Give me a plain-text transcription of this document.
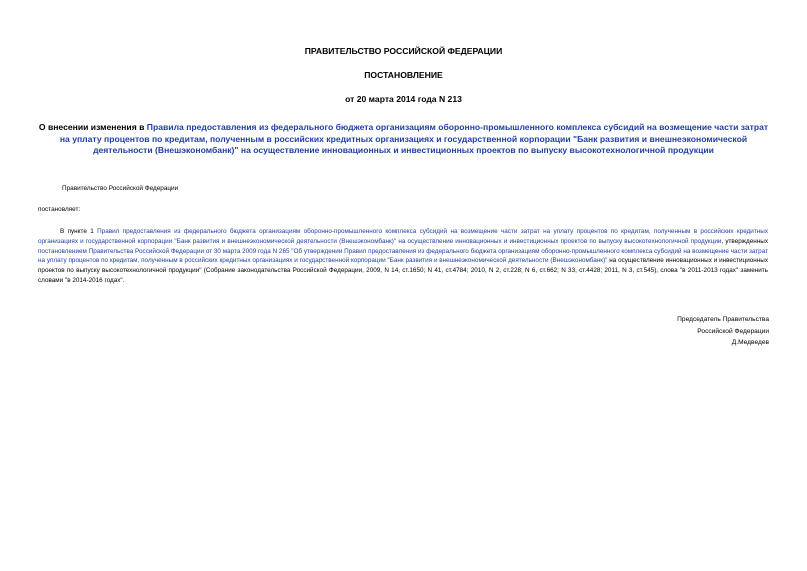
ПРАВИТЕЛЬСТВО РОССИЙСКОЙ ФЕДЕРАЦИИ
ПОСТАНОВЛЕНИЕ
от 20 марта 2014 года N 213
О внесении изменения в Правила предоставления из федерального бюджета организациям оборонно-промышленного комплекса субсидий на возмещение части затрат на уплату процентов по кредитам, полученным в российских кредитных организациях и государственной корпорации "Банк развития и внешнеэкономической деятельности (Внешэкономбанк)" на осуществление инновационных и инвестиционных проектов по выпуску высокотехнологичной продукции
Правительство Российской Федерации
постановляет:
В пункте 1 Правил предоставления из федерального бюджета организациям оборонно-промышленного комплекса субсидий на возмещение части затрат на уплату процентов по кредитам, полученным в российских кредитных организациях и государственной корпорации "Банк развития и внешнеэкономической деятельности (Внешэкономбанк)" на осуществление инновационных и инвестиционных проектов по выпуску высокотехнологичной продукции, утвержденных постановлением Правительства Российской Федерации от 30 марта 2009 года N 265 "Об утверждении Правил предоставления из федерального бюджета организациям оборонно-промышленного комплекса субсидий на возмещение части затрат на уплату процентов по кредитам, полученным в российских кредитных организациях и государственной корпорации "Банк развития и внешнеэкономической деятельности (Внешэкономбанк)" на осуществление инновационных и инвестиционных проектов по выпуску высокотехнологичной продукции" (Собрание законодательства Российской Федерации, 2009, N 14, ст.1650; N 41, ст.4784; 2010, N 2, ст.228; N 6, ст.662; N 33, ст.4428; 2011, N 3, ст.545), слова "в 2011-2013 годах" заменить словами "в 2014-2016 годах".
Председатель Правительства
Российской Федерации
Д.Медведев
